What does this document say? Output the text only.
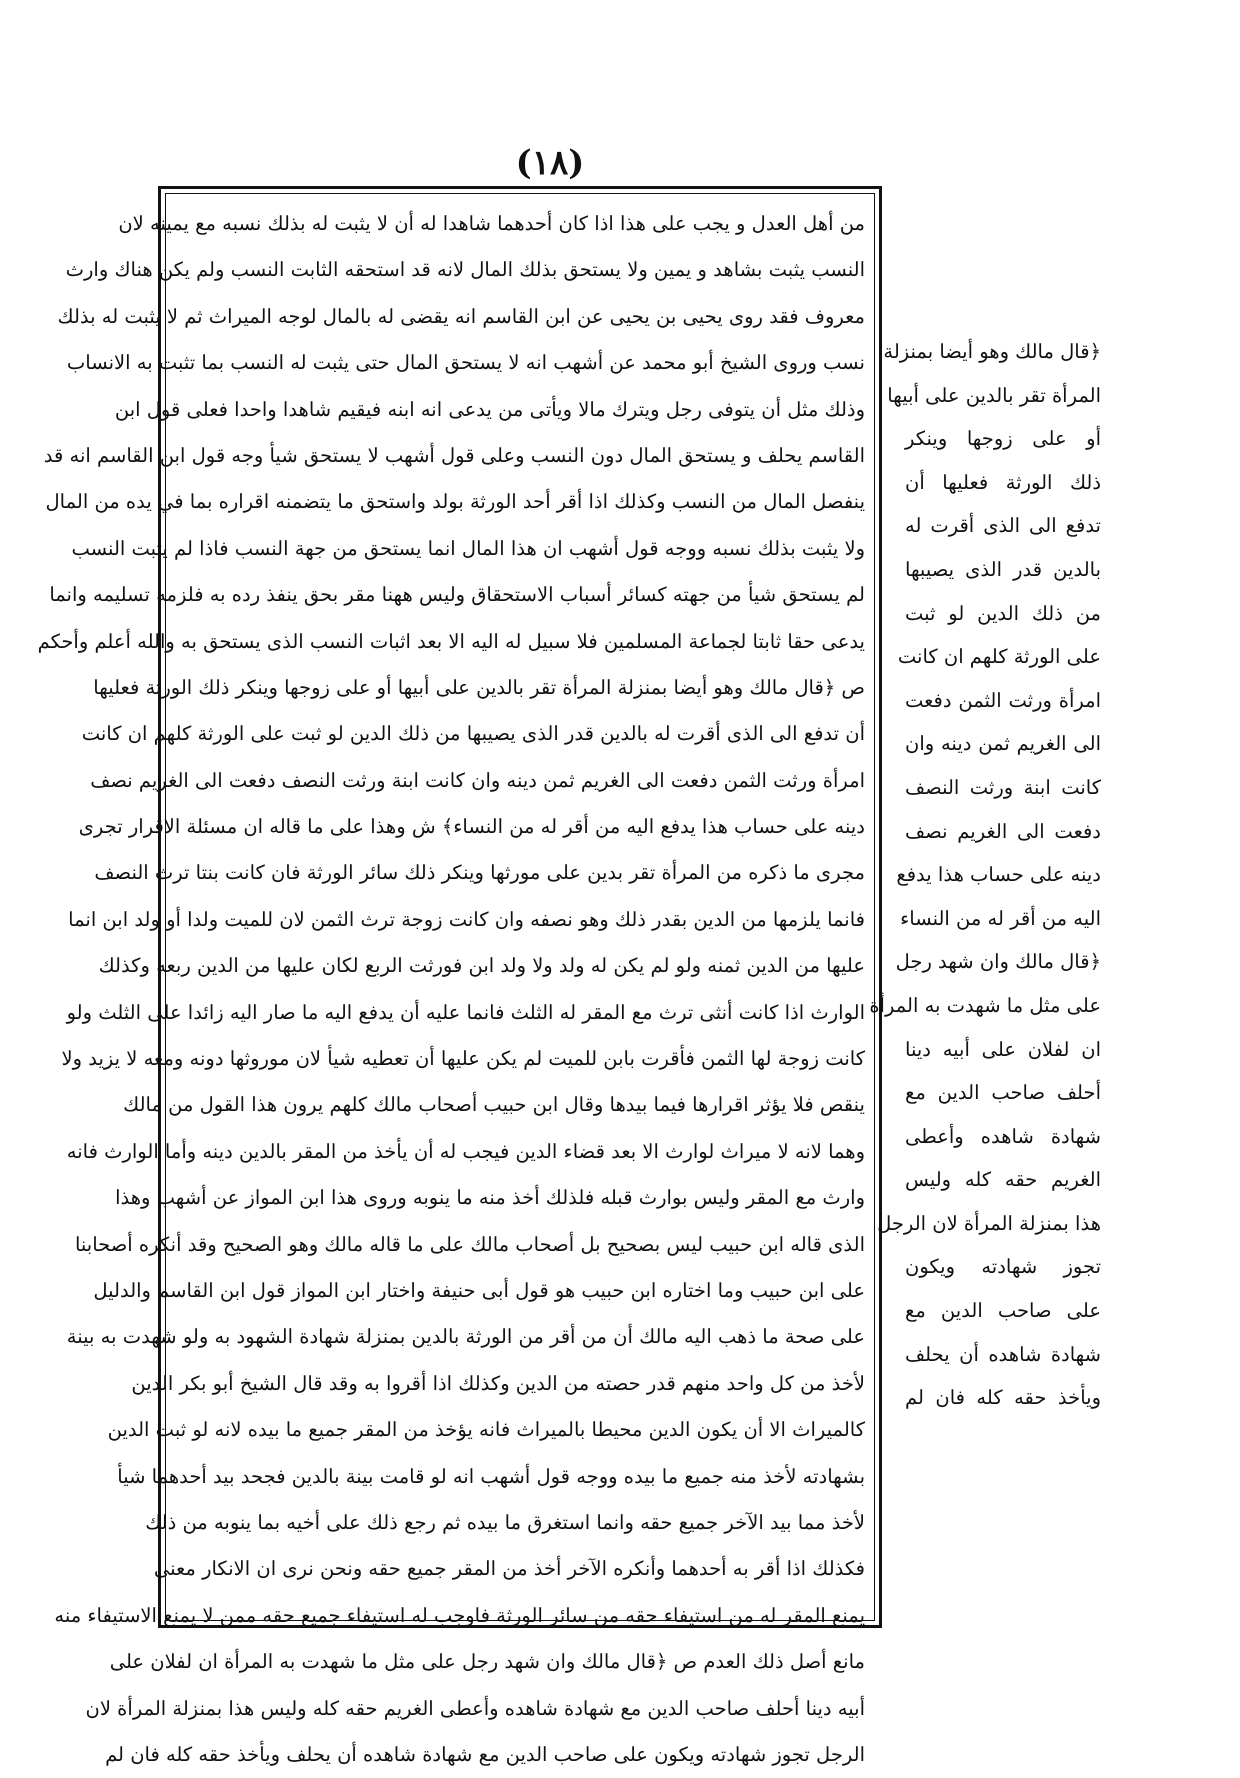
(١٨)
من أهل العدل و يجب على هذا اذا كان أحدهما شاهدا له أن لا يثبت له بذلك نسبه مع يمينه لان
النسب يثبت بشاهد و يمين ولا يستحق بذلك المال لانه قد استحقه الثابت النسب ولم يكن هناك وارث
معروف فقد روى يحيى بن يحيى عن ابن القاسم انه يقضى له بالمال لوجه الميراث ثم لا يثبت له بذلك
نسب وروى الشيخ أبو محمد عن أشهب انه لا يستحق المال حتى يثبت له النسب بما تثبت به الانساب
وذلك مثل أن يتوفى رجل ويترك مالا ويأتى من يدعى انه ابنه فيقيم شاهدا واحدا فعلى قول ابن
القاسم يحلف و يستحق المال دون النسب وعلى قول أشهب لا يستحق شيأ وجه قول ابن القاسم انه قد
ينفصل المال من النسب وكذلك اذا أقر أحد الورثة بولد واستحق ما يتضمنه اقراره بما في يده من المال
ولا يثبت بذلك نسبه ووجه قول أشهب ان هذا المال انما يستحق من جهة النسب فاذا لم يثبت النسب
لم يستحق شيأ من جهته كسائر أسباب الاستحقاق وليس ههنا مقر بحق ينفذ رده به فلزمه تسليمه وانما
يدعى حقا ثابتا لجماعة المسلمين فلا سبيل له اليه الا بعد اثبات النسب الذى يستحق به والله أعلم وأحكم
ص ﴿قال مالك وهو أيضا بمنزلة المرأة تقر بالدين على أبيها أو على زوجها وينكر ذلك الورثة فعليها
أن تدفع الى الذى أقرت له بالدين قدر الذى يصيبها من ذلك الدين لو ثبت على الورثة كلهم ان كانت
امرأة ورثت الثمن دفعت الى الغريم ثمن دينه وان كانت ابنة ورثت النصف دفعت الى الغريم نصف
دينه على حساب هذا يدفع اليه من أقر له من النساء﴾ ش وهذا على ما قاله ان مسئلة الاقرار تجرى
مجرى ما ذكره من المرأة تقر بدين على مورثها وينكر ذلك سائر الورثة فان كانت بنتا ترث النصف
فانما يلزمها من الدين بقدر ذلك وهو نصفه وان كانت زوجة ترث الثمن لان للميت ولدا أو ولد ابن انما
عليها من الدين ثمنه ولو لم يكن له ولد ولا ولد ابن فورثت الربع لكان عليها من الدين ربعه وكذلك
الوارث اذا كانت أنثى ترث مع المقر له الثلث فانما عليه أن يدفع اليه ما صار اليه زائدا على الثلث ولو
كانت زوجة لها الثمن فأقرت بابن للميت لم يكن عليها أن تعطيه شيأ لان موروثها دونه ومعه لا يزيد ولا
ينقص فلا يؤثر اقرارها فيما بيدها وقال ابن حبيب أصحاب مالك كلهم يرون هذا القول من مالك
وهما لانه لا ميراث لوارث الا بعد قضاء الدين فيجب له أن يأخذ من المقر بالدين دينه وأما الوارث فانه
وارث مع المقر وليس بوارث قبله فلذلك أخذ منه ما ينوبه وروى هذا ابن المواز عن أشهب وهذا
الذى قاله ابن حبيب ليس بصحيح بل أصحاب مالك على ما قاله مالك وهو الصحيح وقد أنكره أصحابنا
على ابن حبيب وما اختاره ابن حبيب هو قول أبى حنيفة واختار ابن المواز قول ابن القاسم والدليل
على صحة ما ذهب اليه مالك أن من أقر من الورثة بالدين بمنزلة شهادة الشهود به ولو شهدت به بينة
لأخذ من كل واحد منهم قدر حصته من الدين وكذلك اذا أقروا به وقد قال الشيخ أبو بكر الدين
كالميراث الا أن يكون الدين محيطا بالميراث فانه يؤخذ من المقر جميع ما بيده لانه لو ثبت الدين
بشهادته لأخذ منه جميع ما بيده ووجه قول أشهب انه لو قامت بينة بالدين فجحد بيد أحدهما شيأ
لأخذ مما بيد الآخر جميع حقه وانما استغرق ما بيده ثم رجع ذلك على أخيه بما ينوبه من ذلك
فكذلك اذا أقر به أحدهما وأنكره الآخر أخذ من المقر جميع حقه ونحن نرى ان الانكار معنى
يمنع المقر له من استيفاء حقه من سائر الورثة فاوجب له استيفاء جميع حقه ممن لا يمنع الاستيفاء منه
مانع أصل ذلك العدم ص ﴿قال مالك وان شهد رجل على مثل ما شهدت به المرأة ان لفلان على
أبيه دينا أحلف صاحب الدين مع شهادة شاهده وأعطى الغريم حقه كله وليس هذا بمنزلة المرأة لان
الرجل تجوز شهادته ويكون على صاحب الدين مع شهادة شاهده أن يحلف ويأخذ حقه كله فان لم
﴿قال مالك وهو أيضا بمنزلة
المرأة تقر بالدين على أبيها
أو على زوجها وينكر
ذلك الورثة فعليها أن
تدفع الى الذى أقرت له
بالدين قدر الذى يصيبها
من ذلك الدين لو ثبت
على الورثة كلهم ان كانت
امرأة ورثت الثمن دفعت
الى الغريم ثمن دينه وان
كانت ابنة ورثت النصف
دفعت الى الغريم نصف
دينه على حساب هذا يدفع
اليه من أقر له من النساء
﴿قال مالك وان شهد رجل
على مثل ما شهدت به المرأة
ان لفلان على أبيه دينا
أحلف صاحب الدين مع
شهادة شاهده وأعطى
الغريم حقه كله وليس
هذا بمنزلة المرأة لان الرجل
تجوز شهادته ويكون
على صاحب الدين مع
شهادة شاهده أن يحلف
ويأخذ حقه كله فان لم
